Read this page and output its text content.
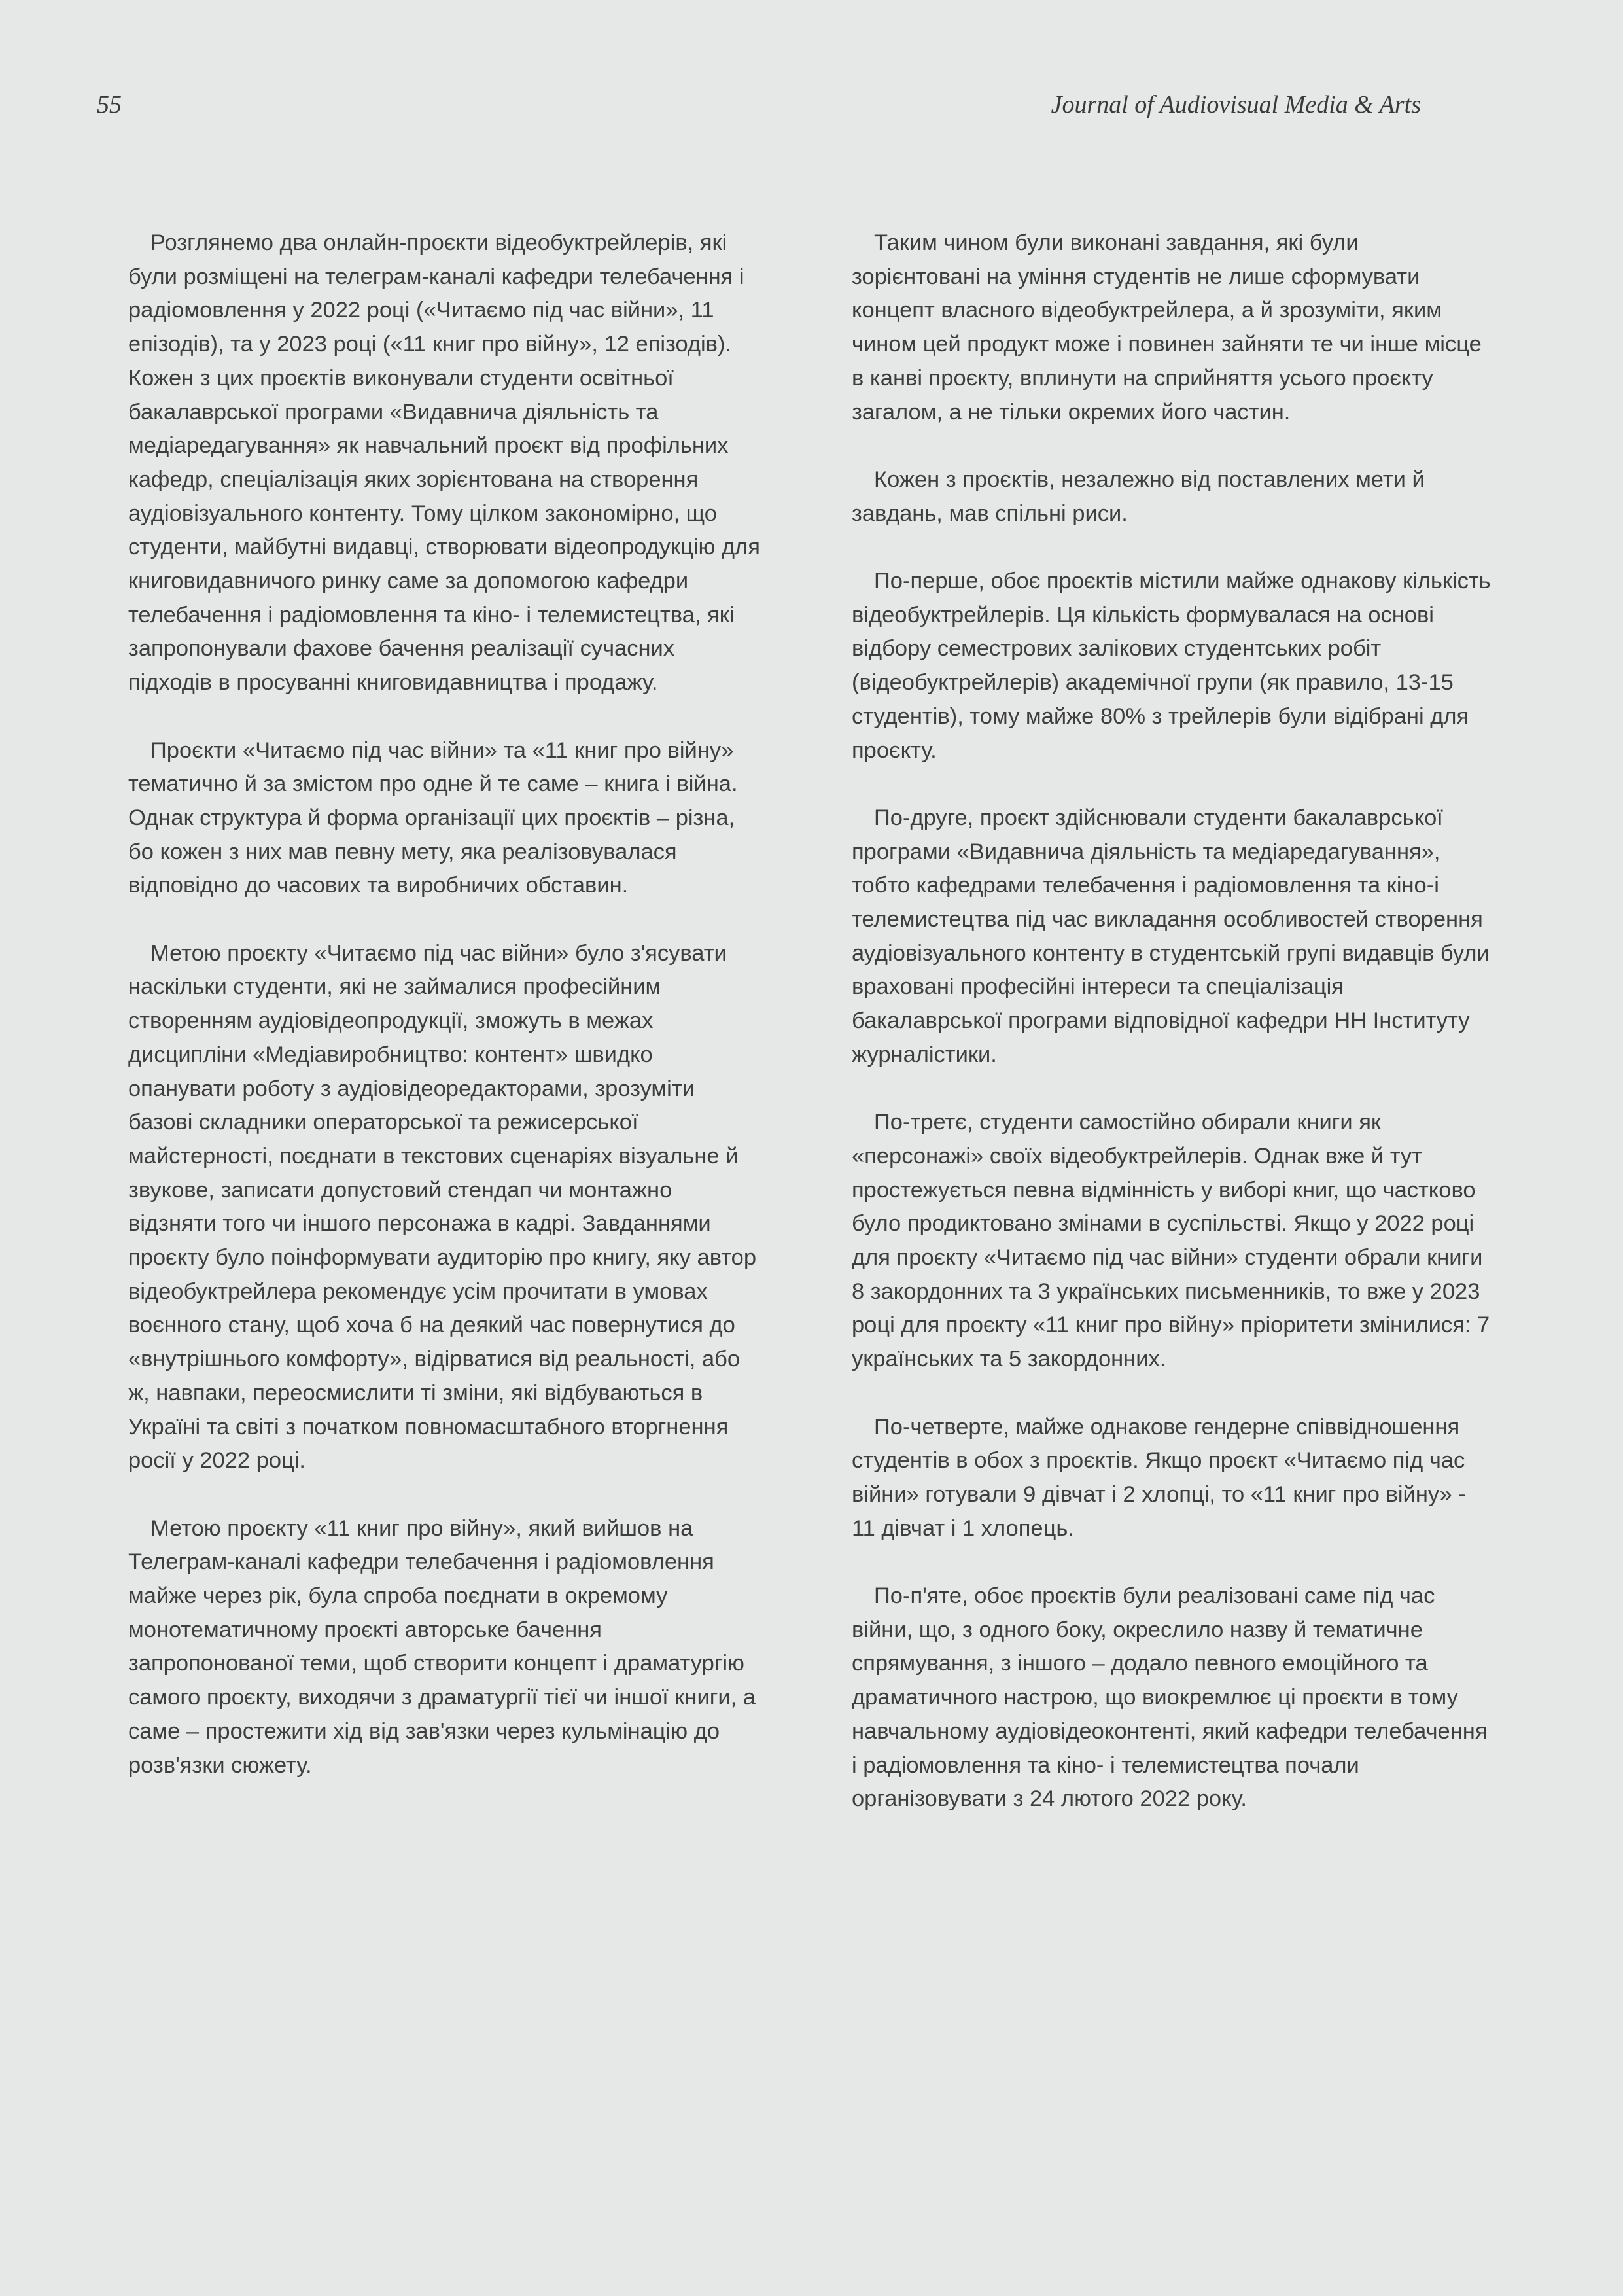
55	Journal of Audiovisual Media & Arts

Розглянемо два онлайн-проєкти відеобуктрейлерів, які були розміщені на телеграм-каналі кафедри телебачення і радіомовлення у 2022 році («Читаємо під час війни», 11 епізодів), та у 2023 році («11 книг про війну», 12 епізодів). Кожен з цих проєктів виконували студенти освітньої бакалаврської програми «Видавнича діяльність та медіаредагування» як навчальний проєкт від профільних кафедр, спеціалізація яких зорієнтована на створення аудіовізуального контенту. Тому цілком закономірно, що студенти, майбутні видавці, створювати відеопродукцію для книговидавничого ринку саме за допомогою кафедри телебачення і радіомовлення та кіно- і телемистецтва, які запропонували фахове бачення реалізації сучасних підходів в просуванні книговидавництва і продажу.

Проєкти «Читаємо під час війни» та «11 книг про війну» тематично й за змістом про одне й те саме – книга і війна. Однак структура й форма організації цих проєктів – різна, бо кожен з них мав певну мету, яка реалізовувалася відповідно до часових та виробничих обставин.

Метою проєкту «Читаємо під час війни» було з'ясувати наскільки студенти, які не займалися професійним створенням аудіовідеопродукції, зможуть в межах дисципліни «Медіавиробництво: контент» швидко опанувати роботу з аудіовідеоредакторами, зрозуміти базові складники операторської та режисерської майстерності, поєднати в текстових сценаріях візуальне й звукове, записати допустовий стендап чи монтажно відзняти того чи іншого персонажа в кадрі. Завданнями проєкту було поінформувати аудиторію про книгу, яку автор відеобуктрейлера рекомендує усім прочитати в умовах воєнного стану, щоб хоча б на деякий час повернутися до «внутрішнього комфорту», відірватися від реальності, або ж, навпаки, переосмислити ті зміни, які відбуваються в Україні та світі з початком повномасштабного вторгнення росії у 2022 році.

Метою проєкту «11 книг про війну», який вийшов на Телеграм-каналі кафедри телебачення і радіомовлення майже через рік, була спроба поєднати в окремому монотематичному проєкті авторське бачення запропонованої теми, щоб створити концепт і драматургію самого проєкту, виходячи з драматургії тієї чи іншої книги, а саме – простежити хід від зав'язки через кульмінацію до розв'язки сюжету.

Таким чином були виконані завдання, які були зорієнтовані на уміння студентів не лише сформувати концепт власного відеобуктрейлера, а й зрозуміти, яким чином цей продукт може і повинен зайняти те чи інше місце в канві проєкту, вплинути на сприйняття усього проєкту загалом, а не тільки окремих його частин.

Кожен з проєктів, незалежно від поставлених мети й завдань, мав спільні риси.

По-перше, обоє проєктів містили майже однакову кількість відеобуктрейлерів. Ця кількість формувалася на основі відбору семестрових залікових студентських робіт (відеобуктрейлерів) академічної групи (як правило, 13-15 студентів), тому майже 80% з трейлерів були відібрані для проєкту.

По-друге, проєкт здійснювали студенти бакалаврської програми «Видавнича діяльність та медіаредагування», тобто кафедрами телебачення і радіомовлення та кіно-і телемистецтва під час викладання особливостей створення аудіовізуального контенту в студентській групі видавців були враховані професійні інтереси та спеціалізація бакалаврської програми відповідної кафедри НН Інституту журналістики.

По-третє, студенти самостійно обирали книги як «персонажі» своїх відеобуктрейлерів. Однак вже й тут простежується певна відмінність у виборі книг, що частково було продиктовано змінами в суспільстві. Якщо у 2022 році для проєкту «Читаємо під час війни» студенти обрали книги 8 закордонних та 3 українських письменників, то вже у 2023 році для проєкту «11 книг про війну» пріоритети змінилися: 7 українських та 5 закордонних.

По-четверте, майже однакове гендерне співвідношення студентів в обох з проєктів. Якщо проєкт «Читаємо під час війни» готували 9 дівчат і 2 хлопці, то «11 книг про війну» - 11 дівчат і 1 хлопець.

По-п'яте, обоє проєктів були реалізовані саме під час війни, що, з одного боку, окреслило назву й тематичне спрямування, з іншого – додало певного емоційного та драматичного настрою, що виокремлює ці проєкти в тому навчальному аудіовідеоконтенті, який кафедри телебачення і радіомовлення та кіно- і телемистецтва почали організовувати з 24 лютого 2022 року.
